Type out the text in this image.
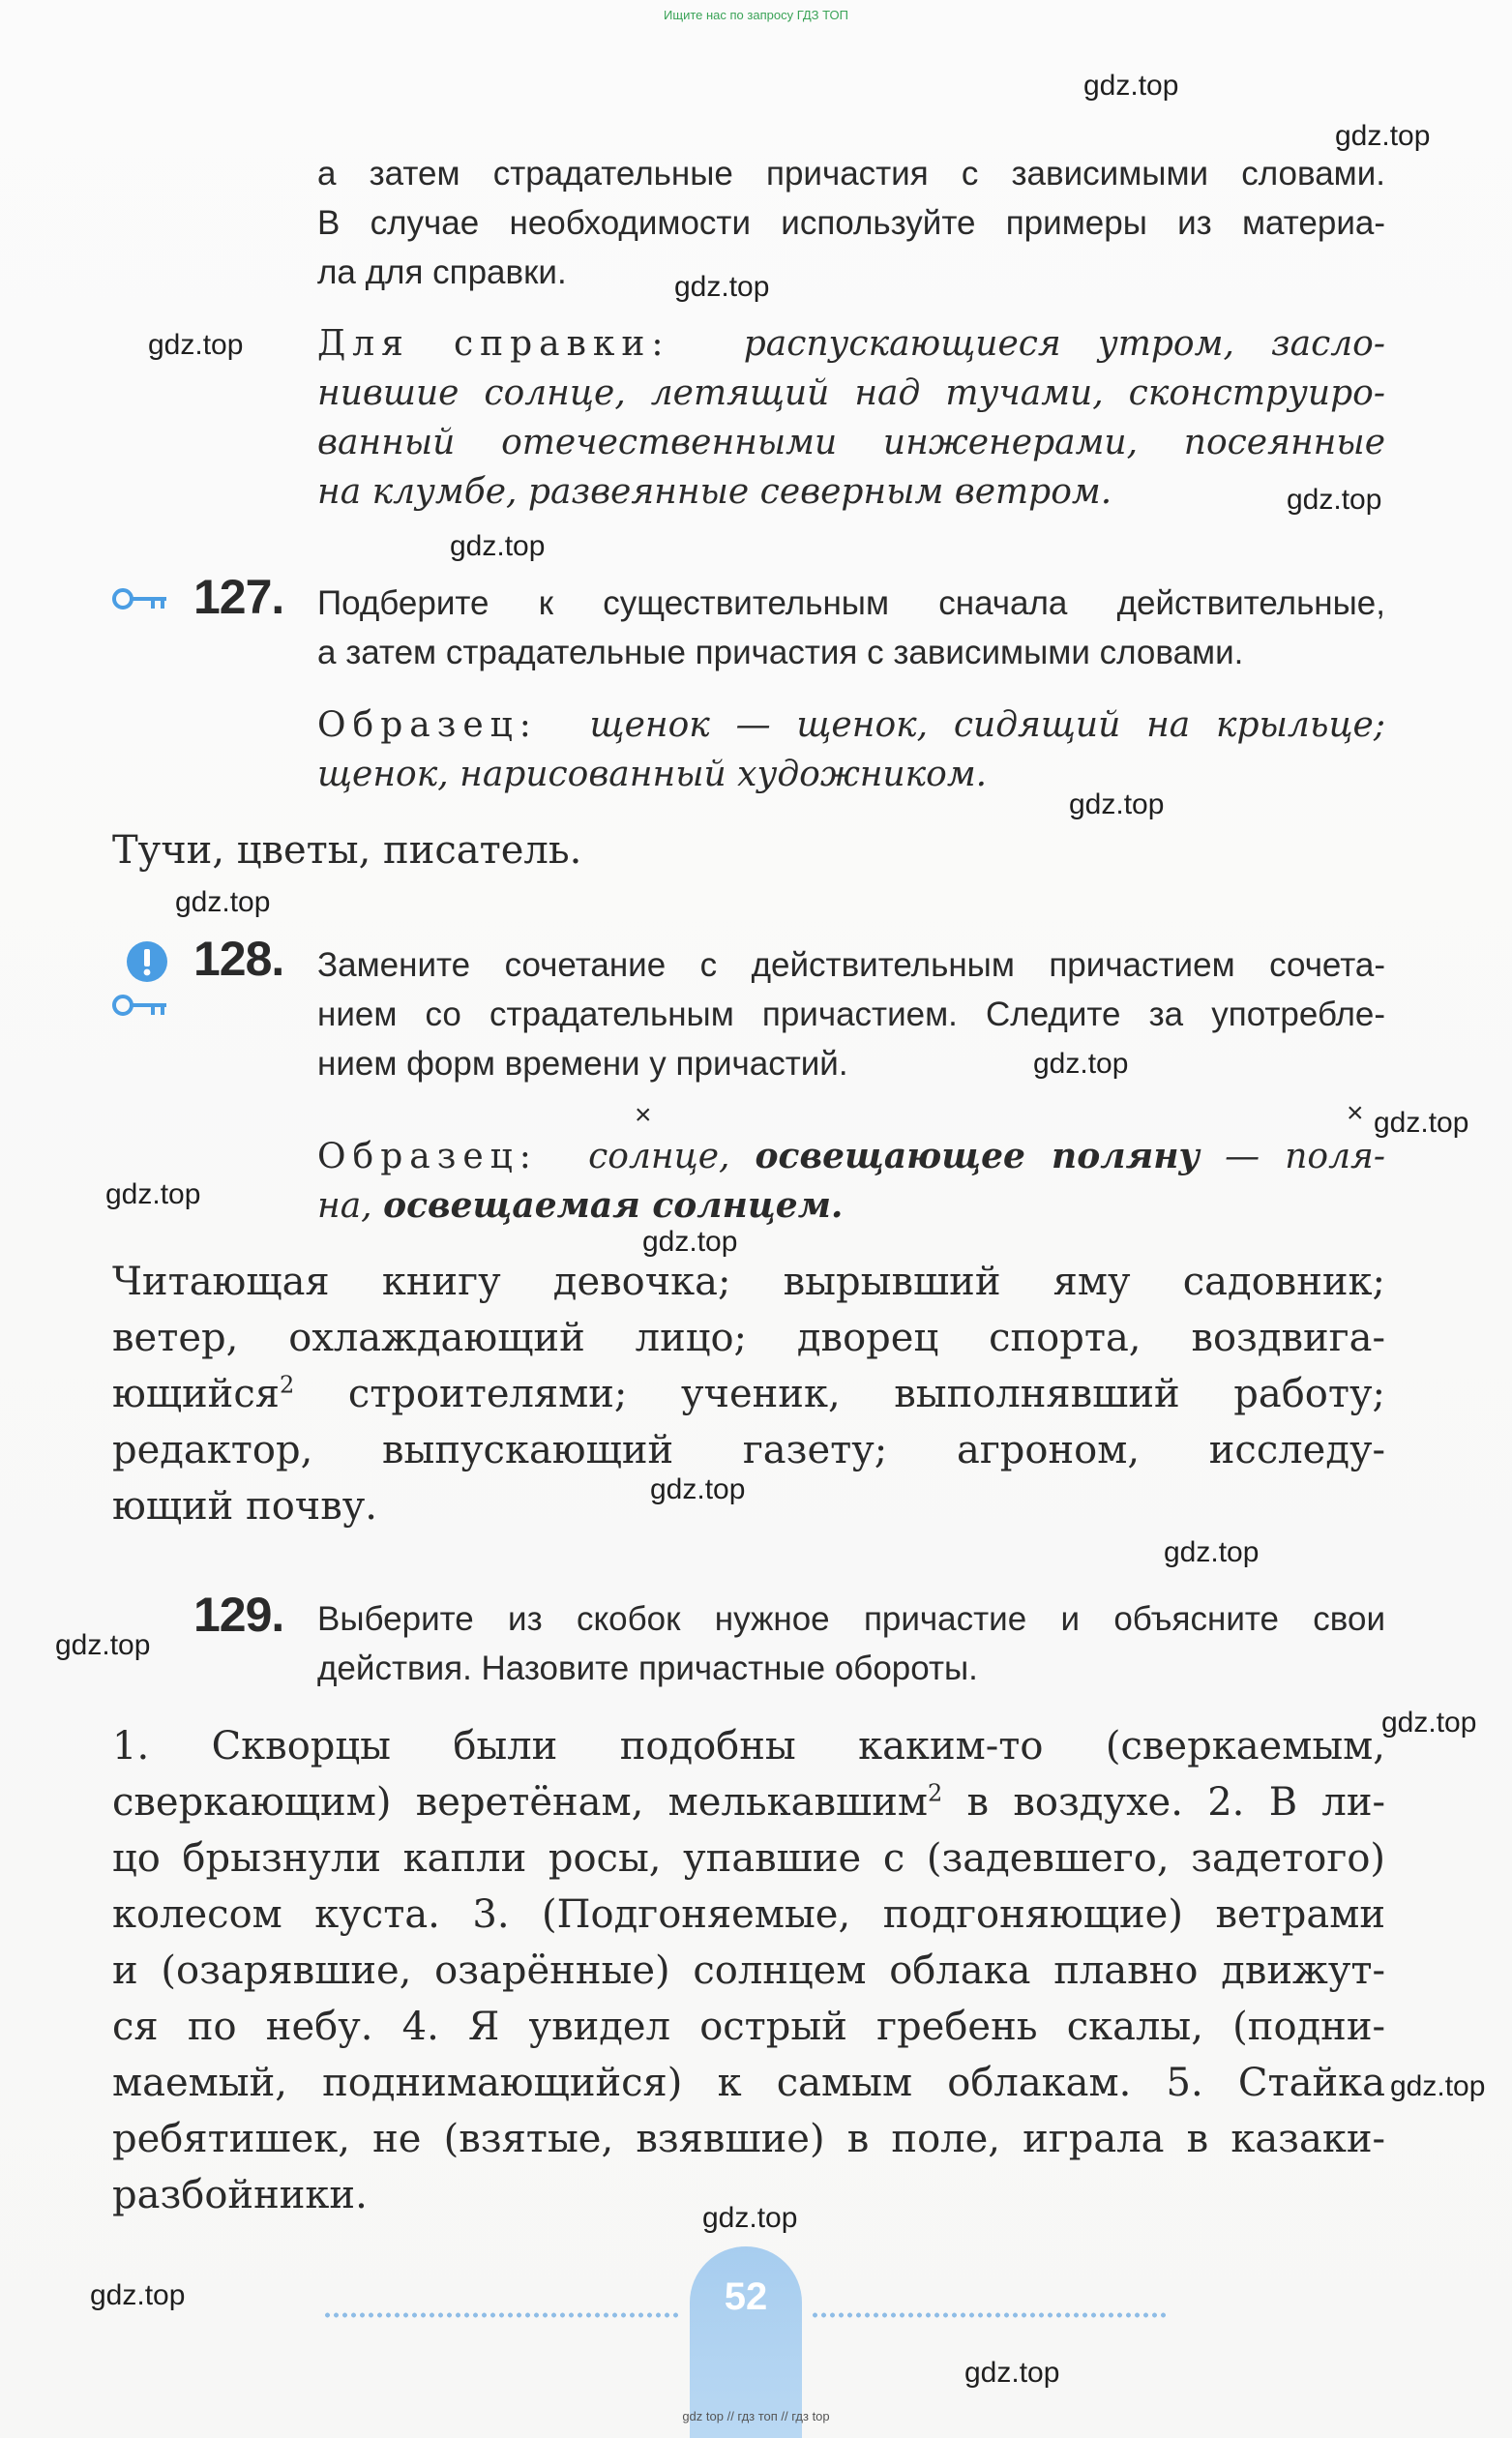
Ищите нас по запросу ГДЗ ТОП
а затем страдательные причастия с зависимыми словами.
В случае необходимости используйте примеры из материа-
ла для справки.
Для справки: распускающиеся утром, засло-
нившие солнце, летящий над тучами, сконструиро-
ванный отечественными инженерами, посеянные
на клумбе, развеянные северным ветром.
127. Подберите к существительным сначала действительные,
а затем страдательные причастия с зависимыми словами.
Образец: щенок — щенок, сидящий на крыльце;
щенок, нарисованный художником.
Тучи, цветы, писатель.
128. Замените сочетание с действительным причастием сочета-
нием со страдательным причастием. Следите за употребле-
нием форм времени у причастий.
×	×
Образец: солнце, освещающее поляну — поля-
на, освещаемая солнцем.
Читающая книгу девочка; вырывший яму садовник;
ветер, охлаждающий лицо; дворец спорта, воздвига-
ющийся$^2$ строителями; ученик, выполнявший работу;
редактор, выпускающий газету; агроном, исследу-
ющий почву.
129. Выберите из скобок нужное причастие и объясните свои
действия. Назовите причастные обороты.
1. Скворцы были подобны каким-то (сверкаемым,
сверкающим) веретёнам, мелькавшим$^2$ в воздухе. 2. В ли-
цо брызнули капли росы, упавшие с (задевшего, задетого)
колесом куста. 3. (Подгоняемые, подгоняющие) ветрами
и (озарявшие, озарённые) солнцем облака плавно движут-
ся по небу. 4. Я увидел острый гребень скалы, (подни-
маемый, поднимающийся) к самым облакам. 5. Стайка
ребятишек, не (взятые, взявшие) в поле, играла в казаки-
разбойники.
52
gdz.top
gdz.top
gdz.top
gdz.top
gdz.top
gdz.top
gdz.top
gdz.top
gdz.top
gdz.top
gdz.top
gdz.top
gdz.top
gdz.top
gdz.top
gdz.top
gdz.top
gdz.top
gdz.top
gdz.top
gdz top // гдз топ // гдз top
